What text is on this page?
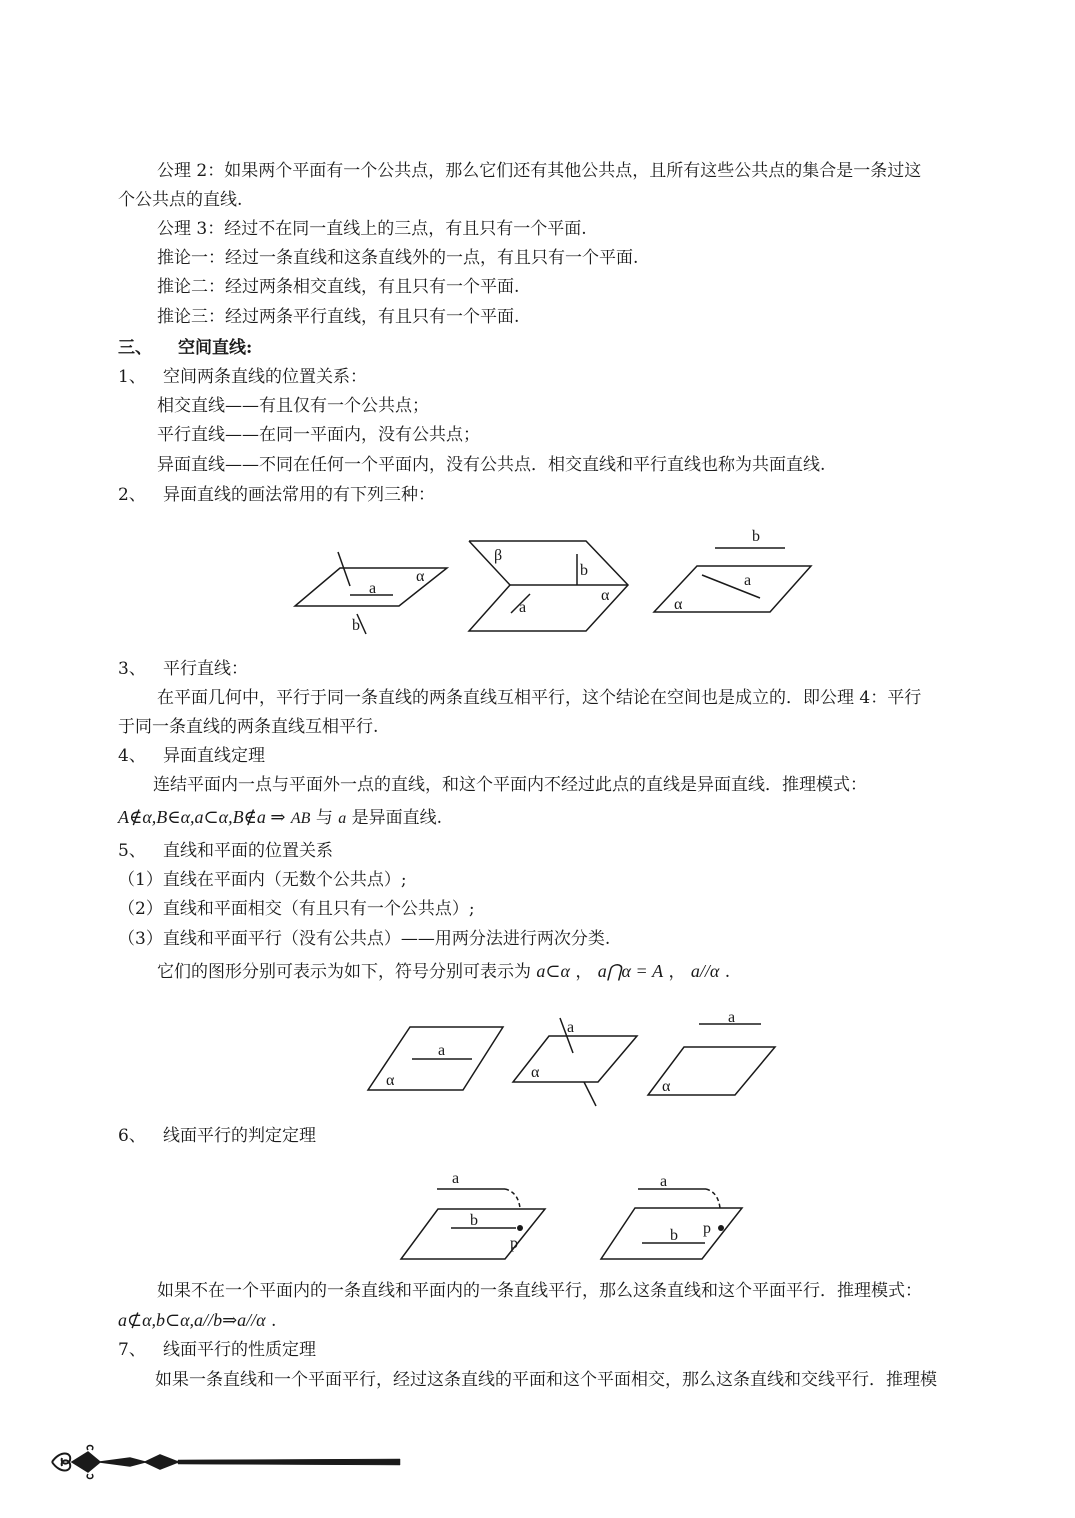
公理 2：如果两个平面有一个公共点，那么它们还有其他公共点，且所有这些公共点的集合是一条过这
个公共点的直线.
公理 3：经过不在同一直线上的三点，有且只有一个平面.
推论一：经过一条直线和这条直线外的一点，有且只有一个平面.
推论二：经过两条相交直线，有且只有一个平面.
推论三：经过两条平行直线，有且只有一个平面.
三、 空间直线:
1、 空间两条直线的位置关系：
相交直线——有且仅有一个公共点；
平行直线——在同一平面内，没有公共点；
异面直线——不同在任何一个平面内，没有公共点．相交直线和平行直线也称为共面直线.
2、 异面直线的画法常用的有下列三种：
a
α
b
β
b
a
α
b
a
α
3、 平行直线：
在平面几何中，平行于同一条直线的两条直线互相平行，这个结论在空间也是成立的．即公理 4：平行
于同一条直线的两条直线互相平行.
4、 异面直线定理
连结平面内一点与平面外一点的直线，和这个平面内不经过此点的直线是异面直线．推理模式：
A∉α,B∈α,a⊂α,B∉a ⇒ AB 与 a 是异面直线.
5、 直线和平面的位置关系
（1）直线在平面内（无数个公共点）;
（2）直线和平面相交（有且只有一个公共点）;
（3）直线和平面平行（没有公共点）——用两分法进行两次分类.
它们的图形分别可表示为如下，符号分别可表示为 a⊂α ， a⋂α = A ， a//α .
a
α
a
α
a
α
6、 线面平行的判定定理
a
b
p
a
b p
如果不在一个平面内的一条直线和平面内的一条直线平行，那么这条直线和这个平面平行．推理模式：
a⊄α,b⊂α,a//b⇒a//α .
7、 线面平行的性质定理
如果一条直线和一个平面平行，经过这条直线的平面和这个平面相交，那么这条直线和交线平行．推理模
